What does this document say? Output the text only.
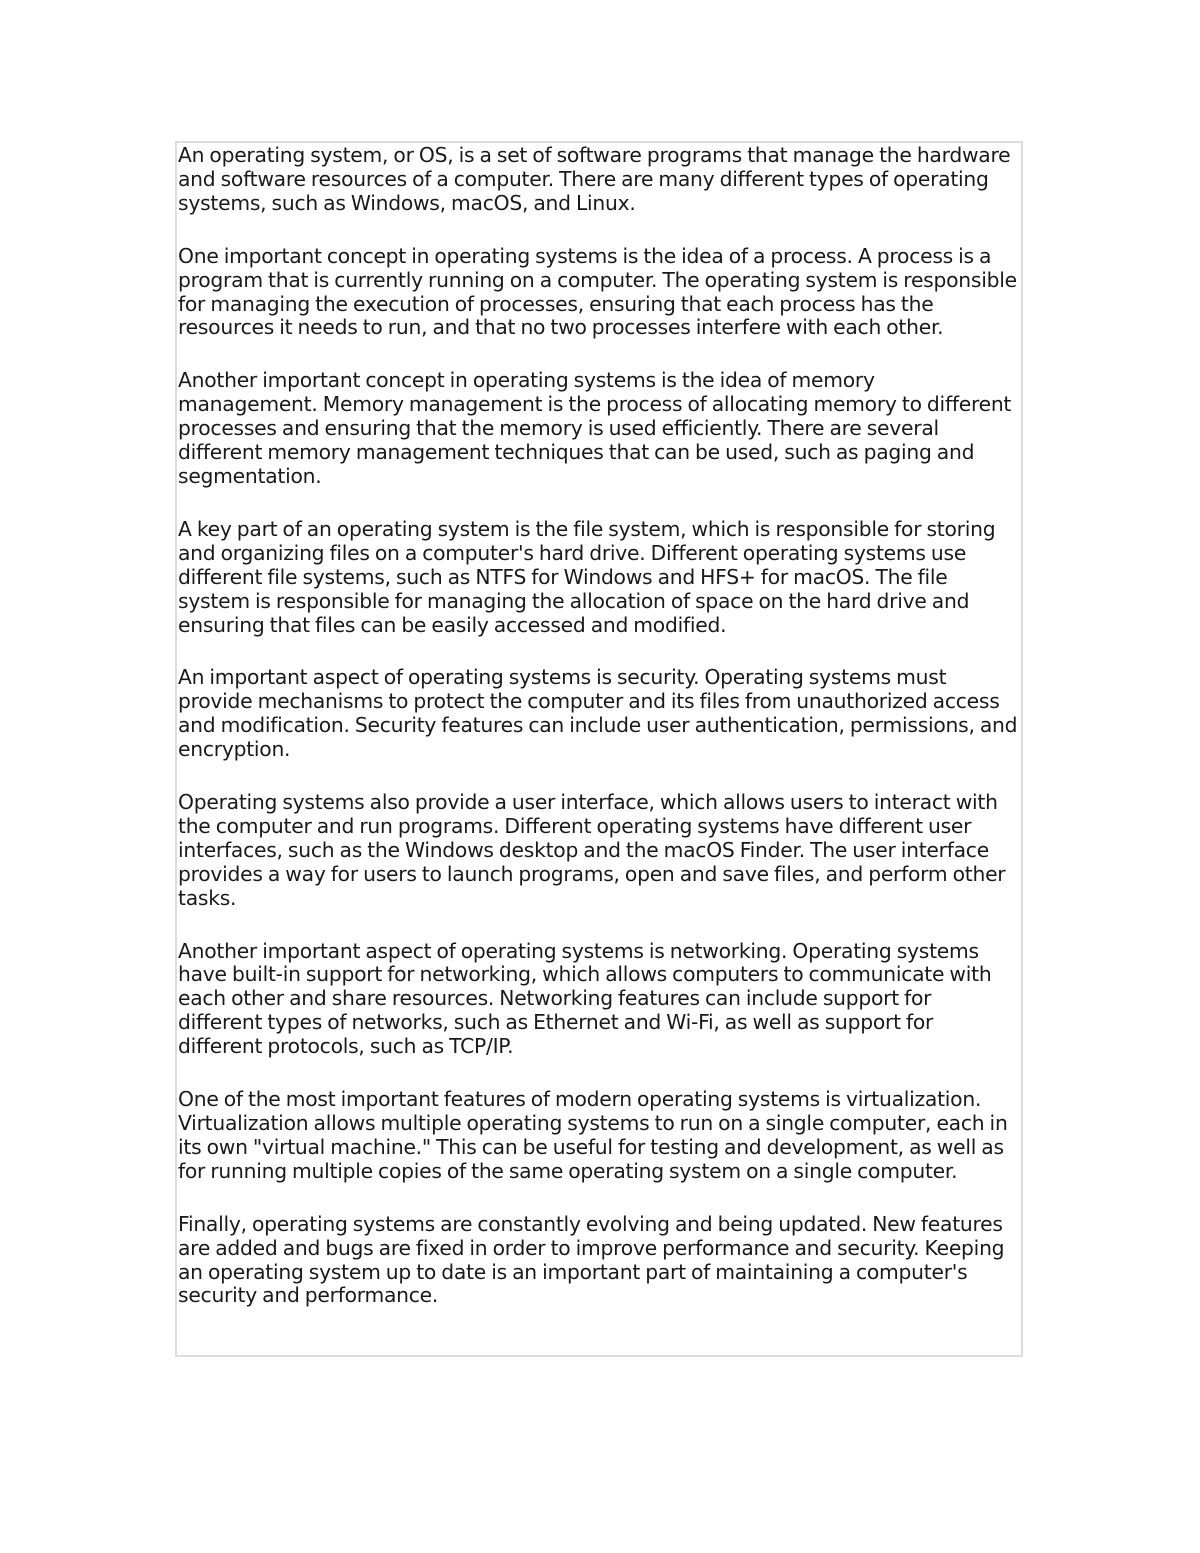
An operating system, or OS, is a set of software programs that manage the hardware and software resources of a computer. There are many different types of operating systems, such as Windows, macOS, and Linux.

One important concept in operating systems is the idea of a process. A process is a program that is currently running on a computer. The operating system is responsible for managing the execution of processes, ensuring that each process has the resources it needs to run, and that no two processes interfere with each other.

Another important concept in operating systems is the idea of memory management. Memory management is the process of allocating memory to different processes and ensuring that the memory is used efficiently. There are several different memory management techniques that can be used, such as paging and segmentation.

A key part of an operating system is the file system, which is responsible for storing and organizing files on a computer's hard drive. Different operating systems use different file systems, such as NTFS for Windows and HFS+ for macOS. The file system is responsible for managing the allocation of space on the hard drive and ensuring that files can be easily accessed and modified.

An important aspect of operating systems is security. Operating systems must provide mechanisms to protect the computer and its files from unauthorized access and modification. Security features can include user authentication, permissions, and encryption.

Operating systems also provide a user interface, which allows users to interact with the computer and run programs. Different operating systems have different user interfaces, such as the Windows desktop and the macOS Finder. The user interface provides a way for users to launch programs, open and save files, and perform other tasks.

Another important aspect of operating systems is networking. Operating systems have built-in support for networking, which allows computers to communicate with each other and share resources. Networking features can include support for different types of networks, such as Ethernet and Wi-Fi, as well as support for different protocols, such as TCP/IP.

One of the most important features of modern operating systems is virtualization. Virtualization allows multiple operating systems to run on a single computer, each in its own "virtual machine." This can be useful for testing and development, as well as for running multiple copies of the same operating system on a single computer.

Finally, operating systems are constantly evolving and being updated. New features are added and bugs are fixed in order to improve performance and security. Keeping an operating system up to date is an important part of maintaining a computer's security and performance.
